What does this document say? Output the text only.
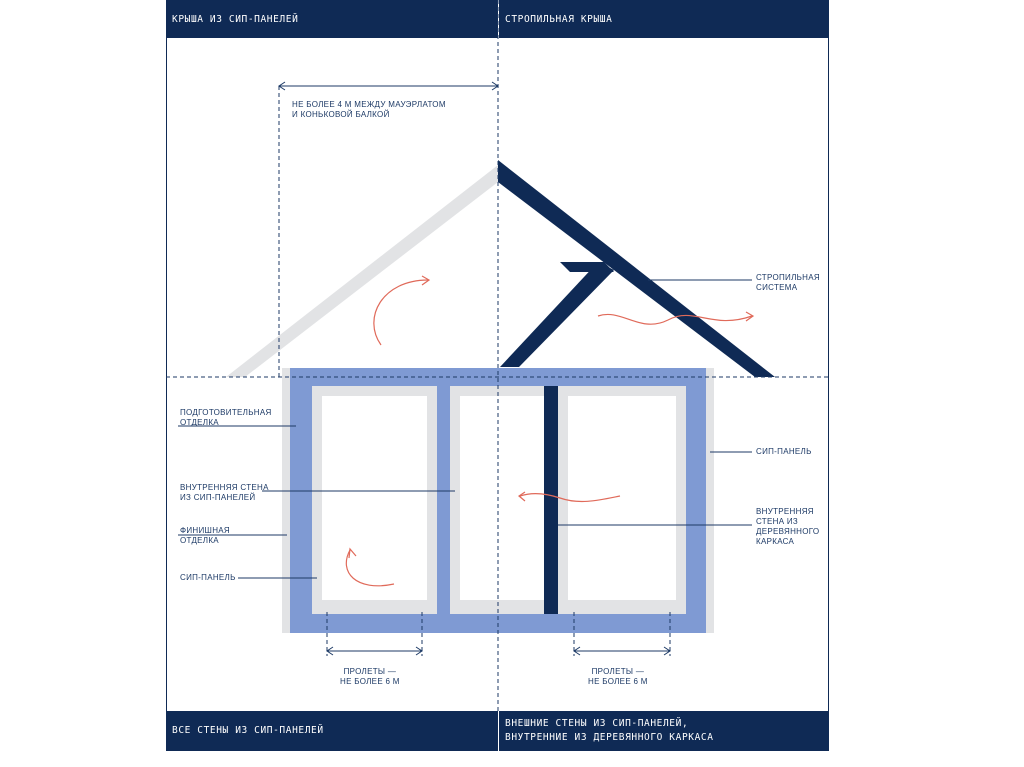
КРЫША ИЗ СИП-ПАНЕЛЕЙ	СТРОПИЛЬНАЯ КРЫША
ВСЕ СТЕНЫ ИЗ СИП-ПАНЕЛЕЙ
ВНЕШНИЕ СТЕНЫ ИЗ СИП-ПАНЕЛЕЙ,
ВНУТРЕННИЕ ИЗ ДЕРЕВЯННОГО КАРКАСА
НЕ БОЛЕЕ 4 М МЕЖДУ МАУЭРЛАТОМ
И КОНЬКОВОЙ БАЛКОЙ
СТРОПИЛЬНАЯ
СИСТЕМА
ПОДГОТОВИТЕЛЬНАЯ
ОТДЕЛКА
ВНУТРЕННЯЯ СТЕНА
ИЗ СИП-ПАНЕЛЕЙ
ФИНИШНАЯ
ОТДЕЛКА
СИП-ПАНЕЛЬ
СИП-ПАНЕЛЬ
ВНУТРЕННЯЯ
СТЕНА ИЗ
ДЕРЕВЯННОГО
КАРКАСА
ПРОЛЕТЫ —
НЕ БОЛЕЕ 6 М
ПРОЛЕТЫ —
НЕ БОЛЕЕ 6 М
